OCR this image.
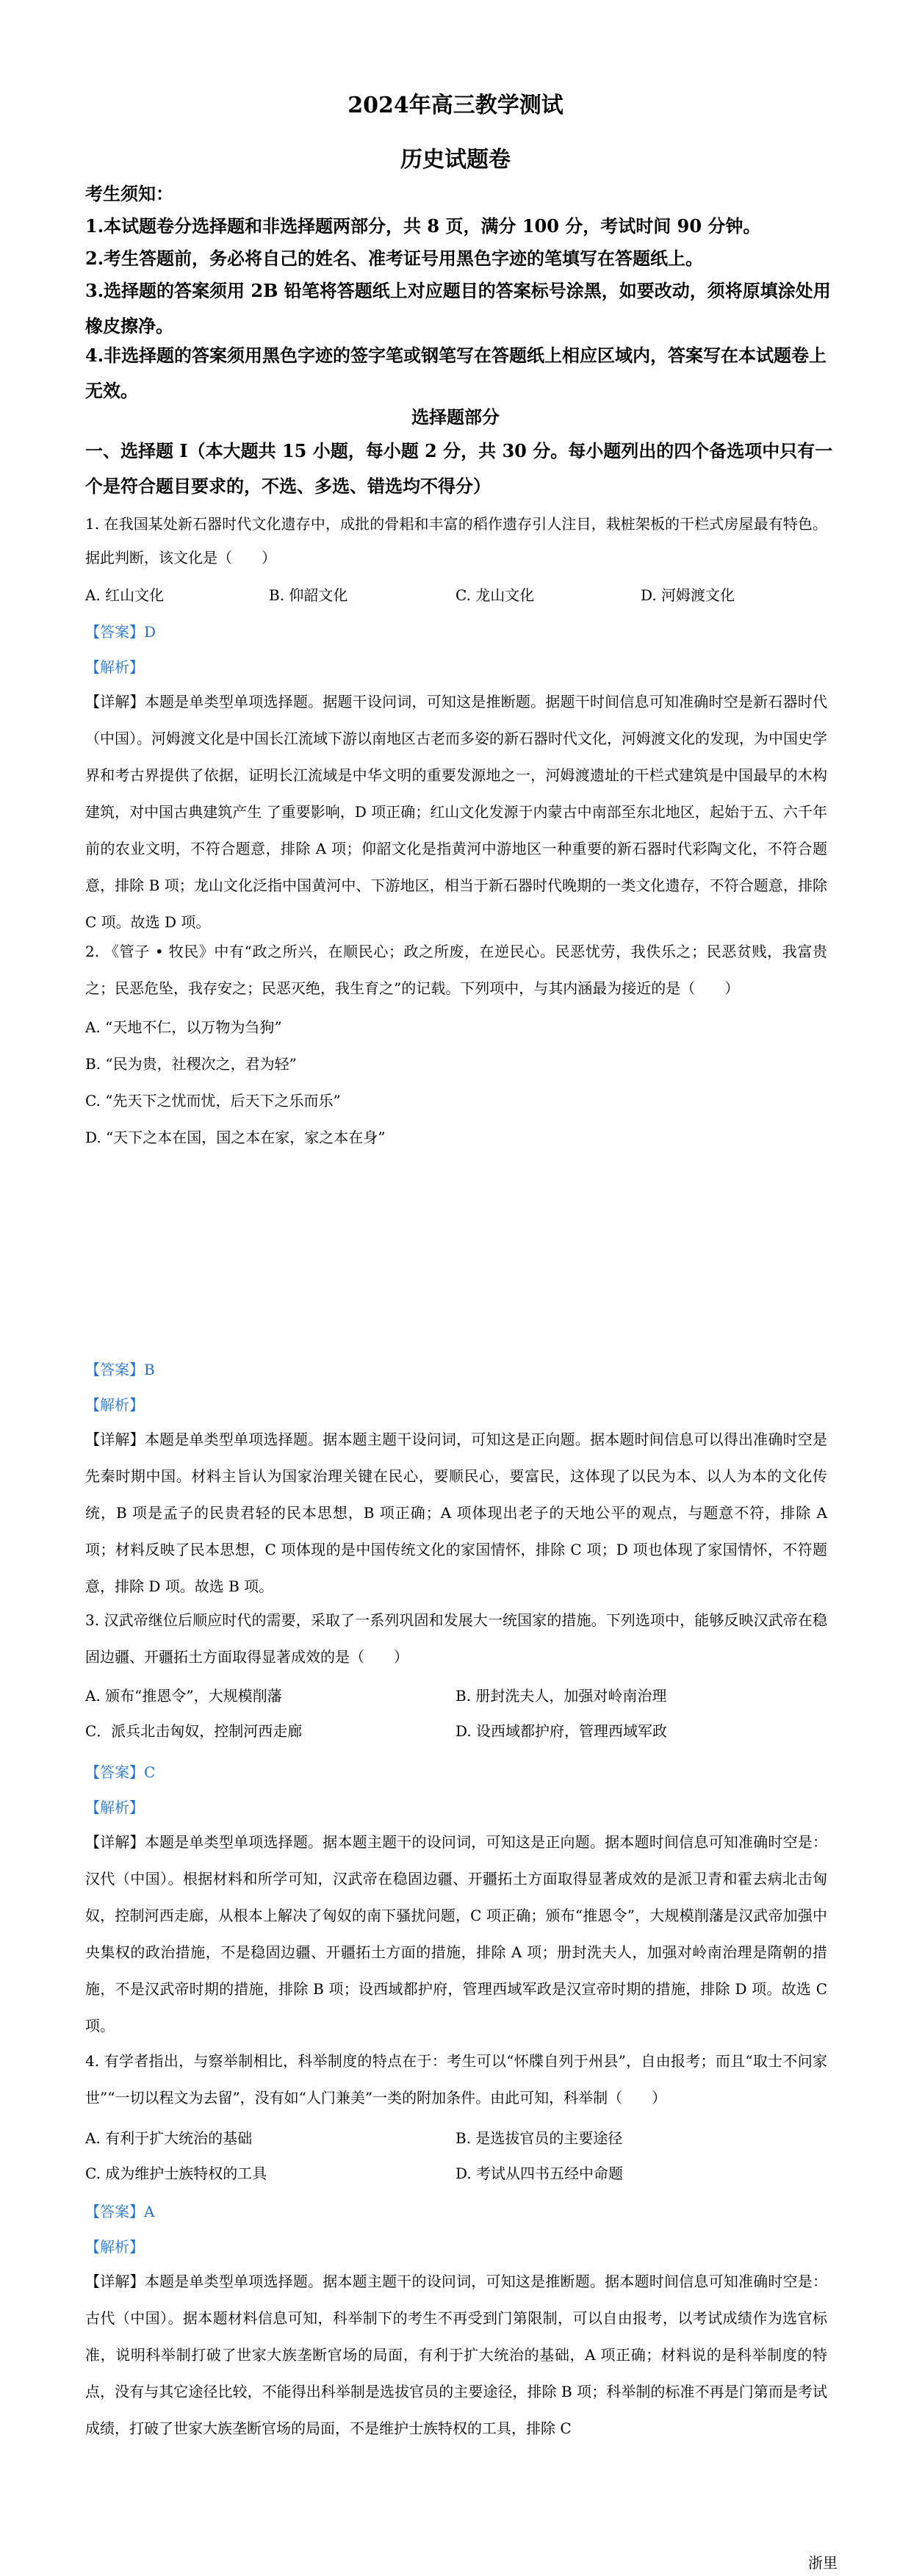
2024年高三教学测试
历史试题卷
考生须知：
1.本试题卷分选择题和非选择题两部分，共 8 页，满分 100 分，考试时间 90 分钟。
2.考生答题前，务必将自己的姓名、准考证号用黑色字迹的笔填写在答题纸上。
3.选择题的答案须用 2B 铅笔将答题纸上对应题目的答案标号涂黑，如要改动，须将原填涂处用橡皮擦净。
4.非选择题的答案须用黑色字迹的签字笔或钢笔写在答题纸上相应区域内，答案写在本试题卷上无效。
选择题部分
一、选择题 Ⅰ（本大题共 15 小题，每小题 2 分，共 30 分。每小题列出的四个备选项中只有一个是符合题目要求的，不选、多选、错选均不得分）
1. 在我国某处新石器时代文化遗存中，成批的骨耜和丰富的稻作遗存引人注目，栽桩架板的干栏式房屋最有特色。据此判断，该文化是（　　）
A. 红山文化	B. 仰韶文化	C. 龙山文化	D. 河姆渡文化
【答案】D
【解析】
【详解】本题是单类型单项选择题。据题干设问词，可知这是推断题。据题干时间信息可知准确时空是新石器时代（中国）。河姆渡文化是中国长江流域下游以南地区古老而多姿的新石器时代文化，河姆渡文化的发现，为中国史学界和考古界提供了依据，证明长江流域是中华文明的重要发源地之一，河姆渡遗址的干栏式建筑是中国最早的木构建筑，对中国古典建筑产生 了重要影响，D 项正确；红山文化发源于内蒙古中南部至东北地区，起始于五、六千年前的农业文明，不符合题意，排除 A 项；仰韶文化是指黄河中游地区一种重要的新石器时代彩陶文化，不符合题意，排除 B 项；龙山文化泛指中国黄河中、下游地区，相当于新石器时代晚期的一类文化遗存，不符合题意，排除 C 项。故选 D 项。
2. 《管子 • 牧民》中有“政之所兴，在顺民心；政之所废，在逆民心。民恶忧劳，我佚乐之；民恶贫贱，我富贵之；民恶危坠，我存安之；民恶灭绝，我生育之”的记载。下列项中，与其内涵最为接近的是（　　）
A. “天地不仁，以万物为刍狗”
B. “民为贵，社稷次之，君为轻”
C. “先天下之忧而忧，后天下之乐而乐”
D. “天下之本在国，国之本在家，家之本在身”
【答案】B
【解析】
【详解】本题是单类型单项选择题。据本题主题干设问词，可知这是正向题。据本题时间信息可以得出准确时空是先秦时期中国。材料主旨认为国家治理关键在民心，要顺民心，要富民，这体现了以民为本、以人为本的文化传统，B 项是孟子的民贵君轻的民本思想，B 项正确；A 项体现出老子的天地公平的观点，与题意不符，排除 A 项；材料反映了民本思想，C 项体现的是中国传统文化的家国情怀，排除 C 项；D 项也体现了家国情怀，不符题意，排除 D 项。故选 B 项。
3. 汉武帝继位后顺应时代的需要，采取了一系列巩固和发展大一统国家的措施。下列选项中，能够反映汉武帝在稳固边疆、开疆拓土方面取得显著成效的是（　　）
A. 颁布“推恩令”，大规模削藩	B. 册封洗夫人，加强对岭南治理
C．派兵北击匈奴，控制河西走廊	D. 设西域都护府，管理西域军政
【答案】C
【解析】
【详解】本题是单类型单项选择题。据本题主题干的设问词，可知这是正向题。据本题时间信息可知准确时空是：汉代（中国）。根据材料和所学可知，汉武帝在稳固边疆、开疆拓土方面取得显著成效的是派卫青和霍去病北击匈奴，控制河西走廊，从根本上解决了匈奴的南下骚扰问题，C 项正确；颁布“推恩令”，大规模削藩是汉武帝加强中央集权的政治措施，不是稳固边疆、开疆拓土方面的措施，排除 A 项；册封洗夫人，加强对岭南治理是隋朝的措施，不是汉武帝时期的措施，排除 B 项；设西域都护府，管理西域军政是汉宣帝时期的措施，排除 D 项。故选 C 项。
4. 有学者指出，与察举制相比，科举制度的特点在于：考生可以“怀牒自列于州县”，自由报考；而且“取士不问家世”“一切以程文为去留”，没有如“人门兼美”一类的附加条件。由此可知，科举制（　　）
A. 有利于扩大统治的基础	B. 是选拔官员的主要途径
C. 成为维护士族特权的工具	D. 考试从四书五经中命题
【答案】A
【解析】
【详解】本题是单类型单项选择题。据本题主题干的设问词，可知这是推断题。据本题时间信息可知准确时空是：古代（中国）。据本题材料信息可知，科举制下的考生不再受到门第限制，可以自由报考，以考试成绩作为选官标准，说明科举制打破了世家大族垄断官场的局面，有利于扩大统治的基础，A 项正确；材料说的是科举制度的特点，没有与其它途径比较，不能得出科举制是选拔官员的主要途径，排除 B 项；科举制的标准不再是门第而是考试成绩，打破了世家大族垄断官场的局面，不是维护士族特权的工具，排除 C
浙里
